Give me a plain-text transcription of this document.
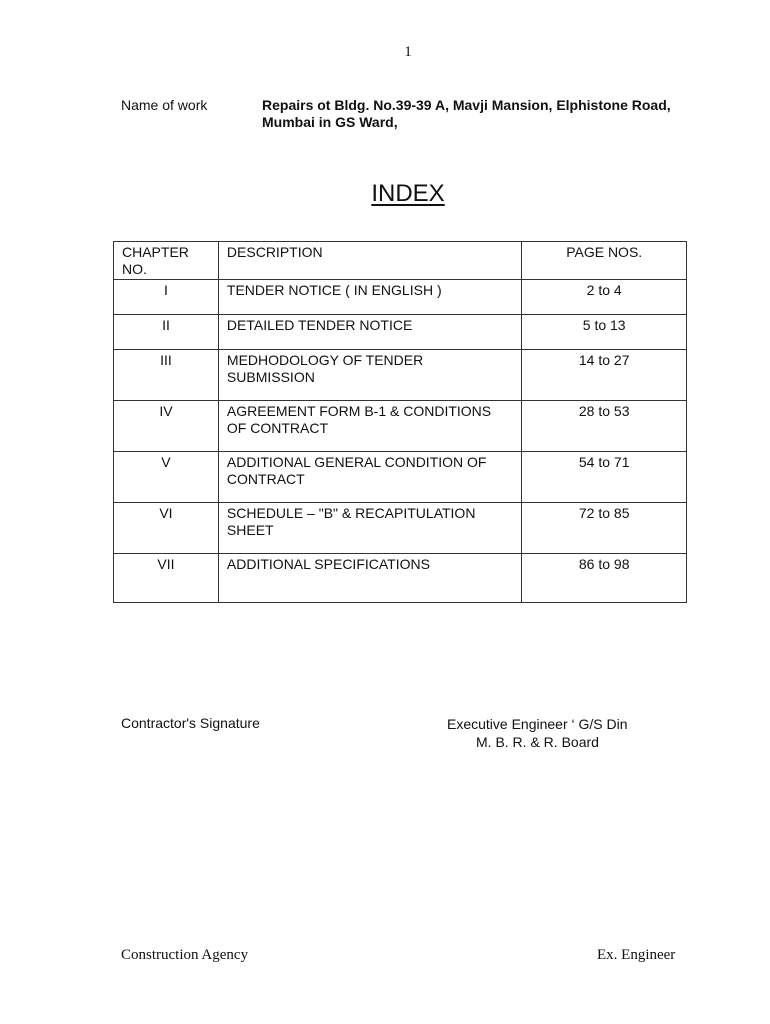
1
Name of work	Repairs ot Bldg. No.39-39 A, Mavji Mansion, Elphistone Road, Mumbai in GS Ward,
INDEX
CHAPTER NO.	DESCRIPTION	PAGE NOS.
I	TENDER NOTICE ( IN ENGLISH )	2 to 4
II	DETAILED TENDER NOTICE	5 to 13
III	MEDHODOLOGY OF TENDER SUBMISSION	14 to 27
IV	AGREEMENT FORM B-1 & CONDITIONS OF CONTRACT	28 to 53
V	ADDITIONAL GENERAL CONDITION OF CONTRACT	54 to 71
VI	SCHEDULE – "B" & RECAPITULATION SHEET	72 to 85
VII	ADDITIONAL SPECIFICATIONS	86 to 98
Contractor's Signature	Executive Engineer ‘ G/S Din
M. B. R. & R. Board
Construction Agency	Ex. Engineer
